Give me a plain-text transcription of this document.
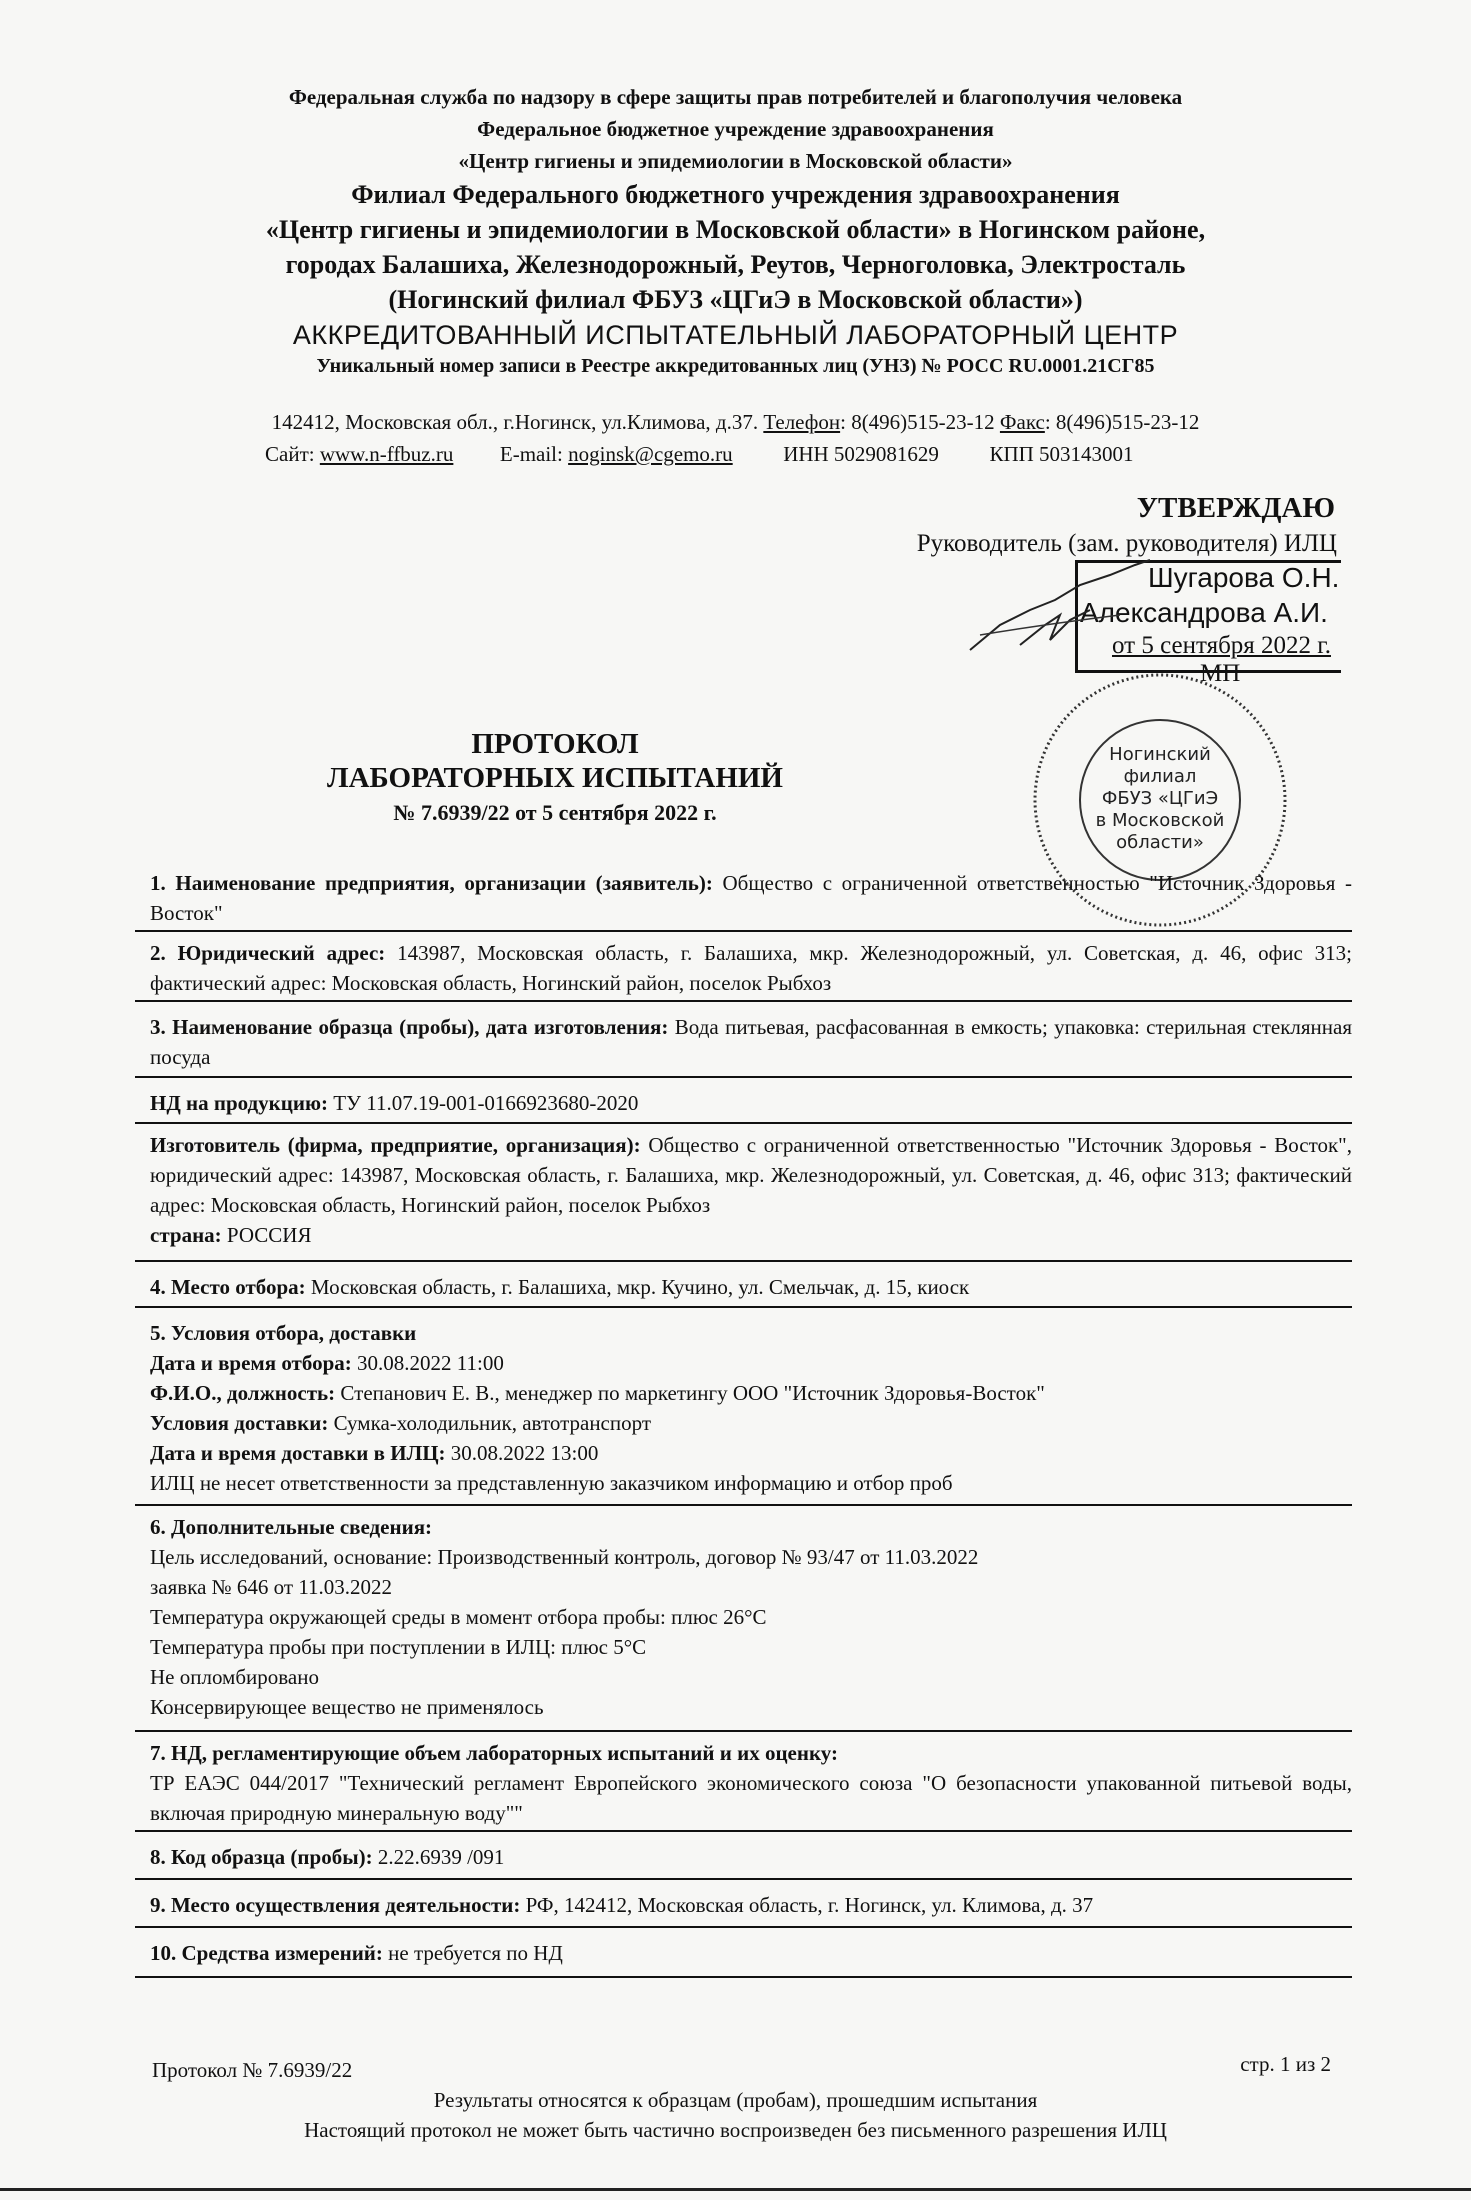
Федеральная служба по надзору в сфере защиты прав потребителей и благополучия человека
Федеральное бюджетное учреждение здравоохранения
«Центр гигиены и эпидемиологии в Московской области»
Филиал Федерального бюджетного учреждения здравоохранения
«Центр гигиены и эпидемиологии в Московской области» в Ногинском районе,
городах Балашиха, Железнодорожный, Реутов, Черноголовка, Электросталь
(Ногинский филиал ФБУЗ «ЦГиЭ в Московской области»)
АККРЕДИТОВАННЫЙ ИСПЫТАТЕЛЬНЫЙ ЛАБОРАТОРНЫЙ ЦЕНТР
Уникальный номер записи в Реестре аккредитованных лиц (УНЗ) № РОСС RU.0001.21СГ85
142412, Московская обл., г.Ногинск, ул.Климова, д.37. Телефон: 8(496)515-23-12 Факс: 8(496)515-23-12
Сайт: www.n-ffbuz.ru E-mail: noginsk@cgemo.ru ИНН 5029081629 КПП 503143001
УТВЕРЖДАЮ
Руководитель (зам. руководителя) ИЛЦ
Шугарова О.Н.
Александрова А.И.
от 5 сентября 2022 г.
МП
Ногинский
филиал
ФБУЗ «ЦГиЭ
в Московской
области»
ПРОТОКОЛ
ЛАБОРАТОРНЫХ ИСПЫТАНИЙ
№ 7.6939/22 от 5 сентября 2022 г.
1. Наименование предприятия, организации (заявитель): Общество с ограниченной ответственностью "Источник Здоровья - Восток"
2. Юридический адрес: 143987, Московская область, г. Балашиха, мкр. Железнодорожный, ул. Советская, д. 46, офис 313; фактический адрес: Московская область, Ногинский район, поселок Рыбхоз
3. Наименование образца (пробы), дата изготовления: Вода питьевая, расфасованная в емкость; упаковка: стерильная стеклянная посуда
НД на продукцию: ТУ 11.07.19-001-0166923680-2020
Изготовитель (фирма, предприятие, организация): Общество с ограниченной ответственностью "Источник Здоровья - Восток", юридический адрес: 143987, Московская область, г. Балашиха, мкр. Железнодорожный, ул. Советская, д. 46, офис 313; фактический адрес: Московская область, Ногинский район, поселок Рыбхоз
страна: РОССИЯ
4. Место отбора: Московская область, г. Балашиха, мкр. Кучино, ул. Смельчак, д. 15, киоск
5. Условия отбора, доставки
Дата и время отбора: 30.08.2022 11:00
Ф.И.О., должность: Степанович Е. В., менеджер по маркетингу ООО "Источник Здоровья-Восток"
Условия доставки: Сумка-холодильник, автотранспорт
Дата и время доставки в ИЛЦ: 30.08.2022 13:00
ИЛЦ не несет ответственности за представленную заказчиком информацию и отбор проб
6. Дополнительные сведения:
Цель исследований, основание: Производственный контроль, договор № 93/47 от 11.03.2022
заявка № 646 от 11.03.2022
Температура окружающей среды в момент отбора пробы: плюс 26°С
Температура пробы при поступлении в ИЛЦ: плюс 5°С
Не опломбировано
Консервирующее вещество не применялось
7. НД, регламентирующие объем лабораторных испытаний и их оценку:
ТР ЕАЭС 044/2017 "Технический регламент Европейского экономического союза "О безопасности упакованной питьевой воды, включая природную минеральную воду""
8. Код образца (пробы): 2.22.6939 /091
9. Место осуществления деятельности: РФ, 142412, Московская область, г. Ногинск, ул. Климова, д. 37
10. Средства измерений: не требуется по НД
Протокол № 7.6939/22	стр. 1 из 2
Результаты относятся к образцам (пробам), прошедшим испытания
Настоящий протокол не может быть частично воспроизведен без письменного разрешения ИЛЦ
